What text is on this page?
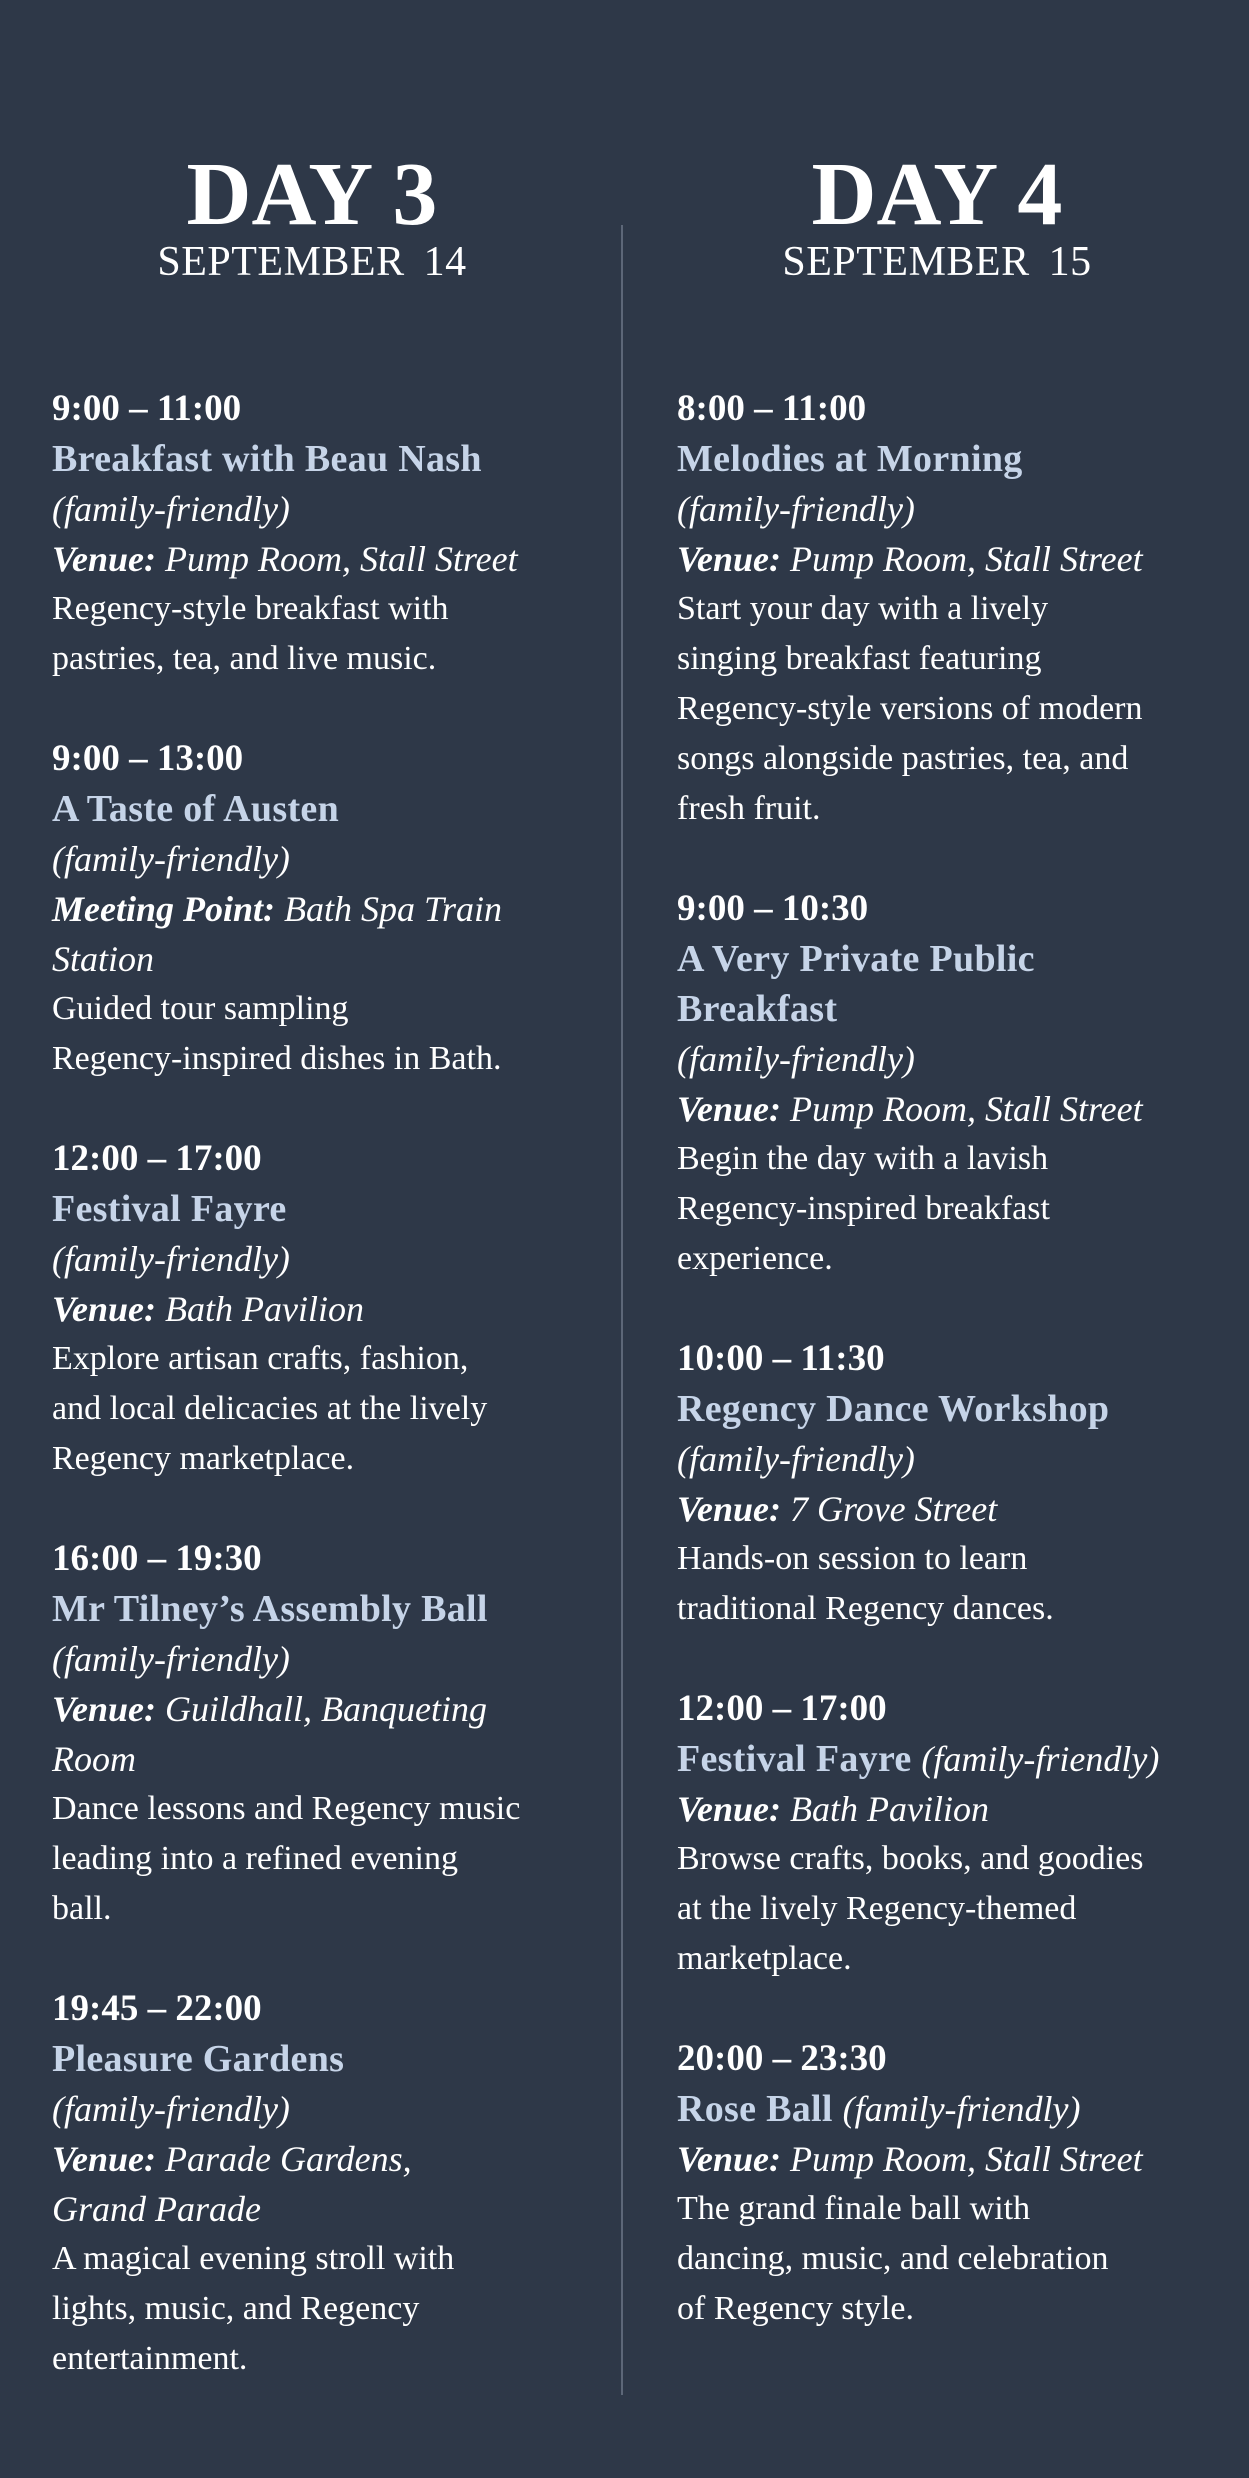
DAY 3
SEPTEMBER 14
9:00 – 11:00
Breakfast with Beau Nash
(family-friendly)
Venue: Pump Room, Stall Street
Regency-style breakfast with
pastries, tea, and live music.
9:00 – 13:00
A Taste of Austen
(family-friendly)
Meeting Point: Bath Spa Train
Station
Guided tour sampling
Regency-inspired dishes in Bath.
12:00 – 17:00
Festival Fayre
(family-friendly)
Venue: Bath Pavilion
Explore artisan crafts, fashion,
and local delicacies at the lively
Regency marketplace.
16:00 – 19:30
Mr Tilney’s Assembly Ball
(family-friendly)
Venue: Guildhall, Banqueting
Room
Dance lessons and Regency music
leading into a refined evening
ball.
19:45 – 22:00
Pleasure Gardens
(family-friendly)
Venue: Parade Gardens,
Grand Parade
A magical evening stroll with
lights, music, and Regency
entertainment.
DAY 4
SEPTEMBER 15
8:00 – 11:00
Melodies at Morning
(family-friendly)
Venue: Pump Room, Stall Street
Start your day with a lively
singing breakfast featuring
Regency-style versions of modern
songs alongside pastries, tea, and
fresh fruit.
9:00 – 10:30
A Very Private Public
Breakfast
(family-friendly)
Venue: Pump Room, Stall Street
Begin the day with a lavish
Regency-inspired breakfast
experience.
10:00 – 11:30
Regency Dance Workshop
(family-friendly)
Venue: 7 Grove Street
Hands-on session to learn
traditional Regency dances.
12:00 – 17:00
Festival Fayre (family-friendly)
Venue: Bath Pavilion
Browse crafts, books, and goodies
at the lively Regency-themed
marketplace.
20:00 – 23:30
Rose Ball (family-friendly)
Venue: Pump Room, Stall Street
The grand finale ball with
dancing, music, and celebration
of Regency style.
